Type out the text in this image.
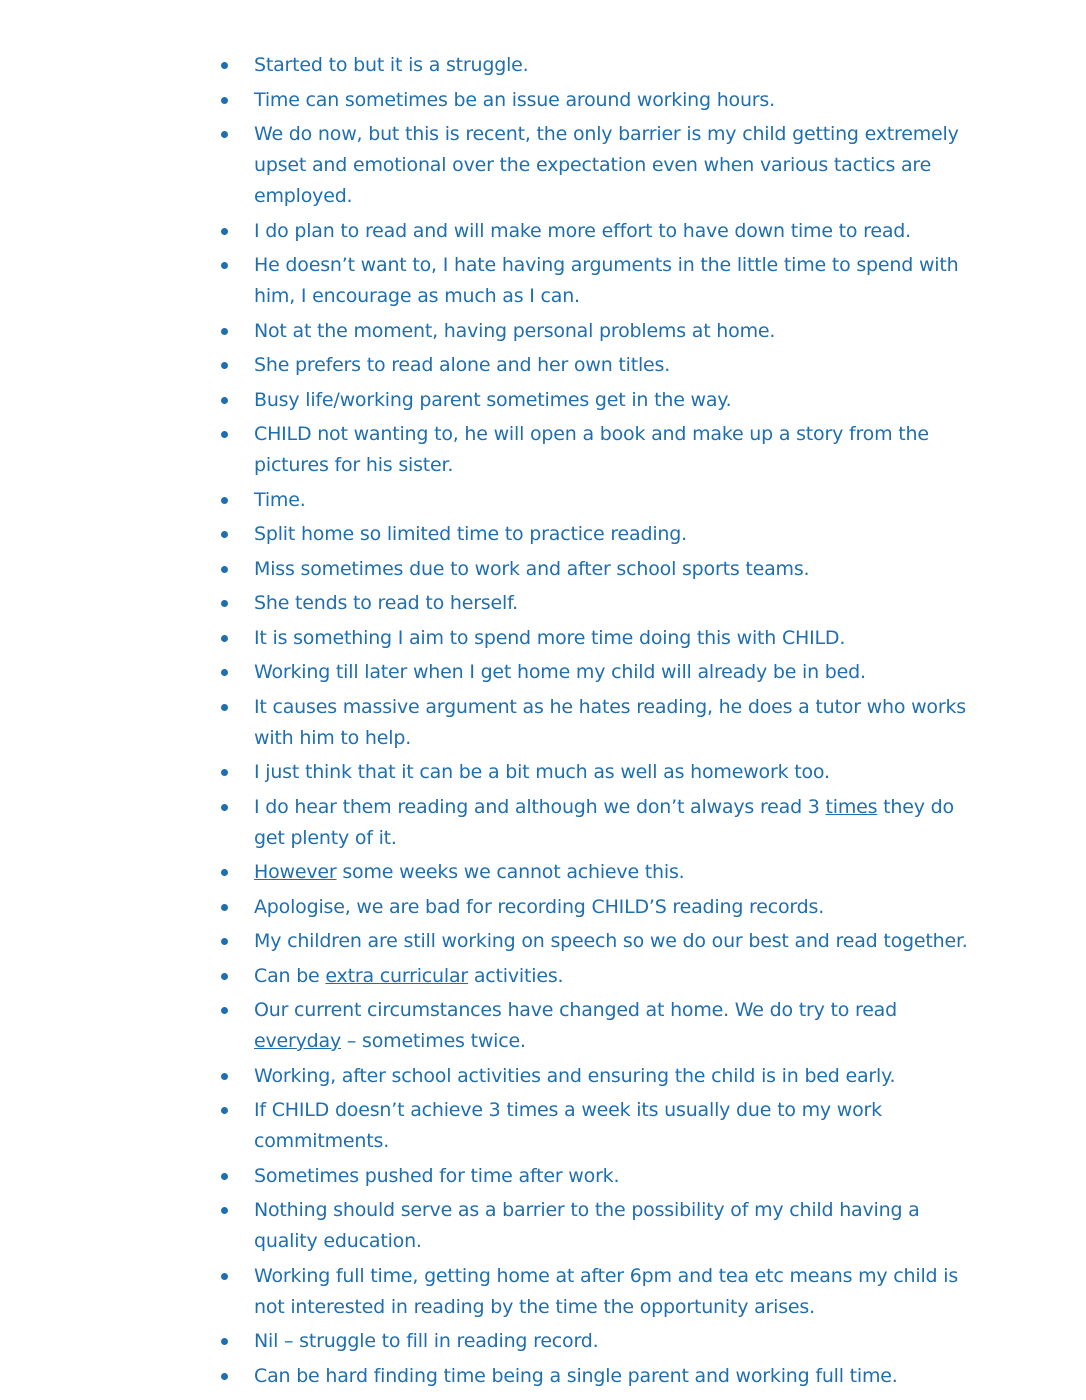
Started to but it is a struggle.
Time can sometimes be an issue around working hours.
We do now, but this is recent, the only barrier is my child getting extremely upset and emotional over the expectation even when various tactics are employed.
I do plan to read and will make more effort to have down time to read.
He doesn’t want to, I hate having arguments in the little time to spend with him, I encourage as much as I can.
Not at the moment, having personal problems at home.
She prefers to read alone and her own titles.
Busy life/working parent sometimes get in the way.
CHILD not wanting to, he will open a book and make up a story from the pictures for his sister.
Time.
Split home so limited time to practice reading.
Miss sometimes due to work and after school sports teams.
She tends to read to herself.
It is something I aim to spend more time doing this with CHILD.
Working till later when I get home my child will already be in bed.
It causes massive argument as he hates reading, he does a tutor who works with him to help.
I just think that it can be a bit much as well as homework too.
I do hear them reading and although we don’t always read 3 times they do get plenty of it.
However some weeks we cannot achieve this.
Apologise, we are bad for recording CHILD’S reading records.
My children are still working on speech so we do our best and read together.
Can be extra curricular activities.
Our current circumstances have changed at home. We do try to read everyday – sometimes twice.
Working, after school activities and ensuring the child is in bed early.
If CHILD doesn’t achieve 3 times a week its usually due to my work commitments.
Sometimes pushed for time after work.
Nothing should serve as a barrier to the possibility of my child having a quality education.
Working full time, getting home at after 6pm and tea etc means my child is not interested in reading by the time the opportunity arises.
Nil – struggle to fill in reading record.
Can be hard finding time being a single parent and working full time.
